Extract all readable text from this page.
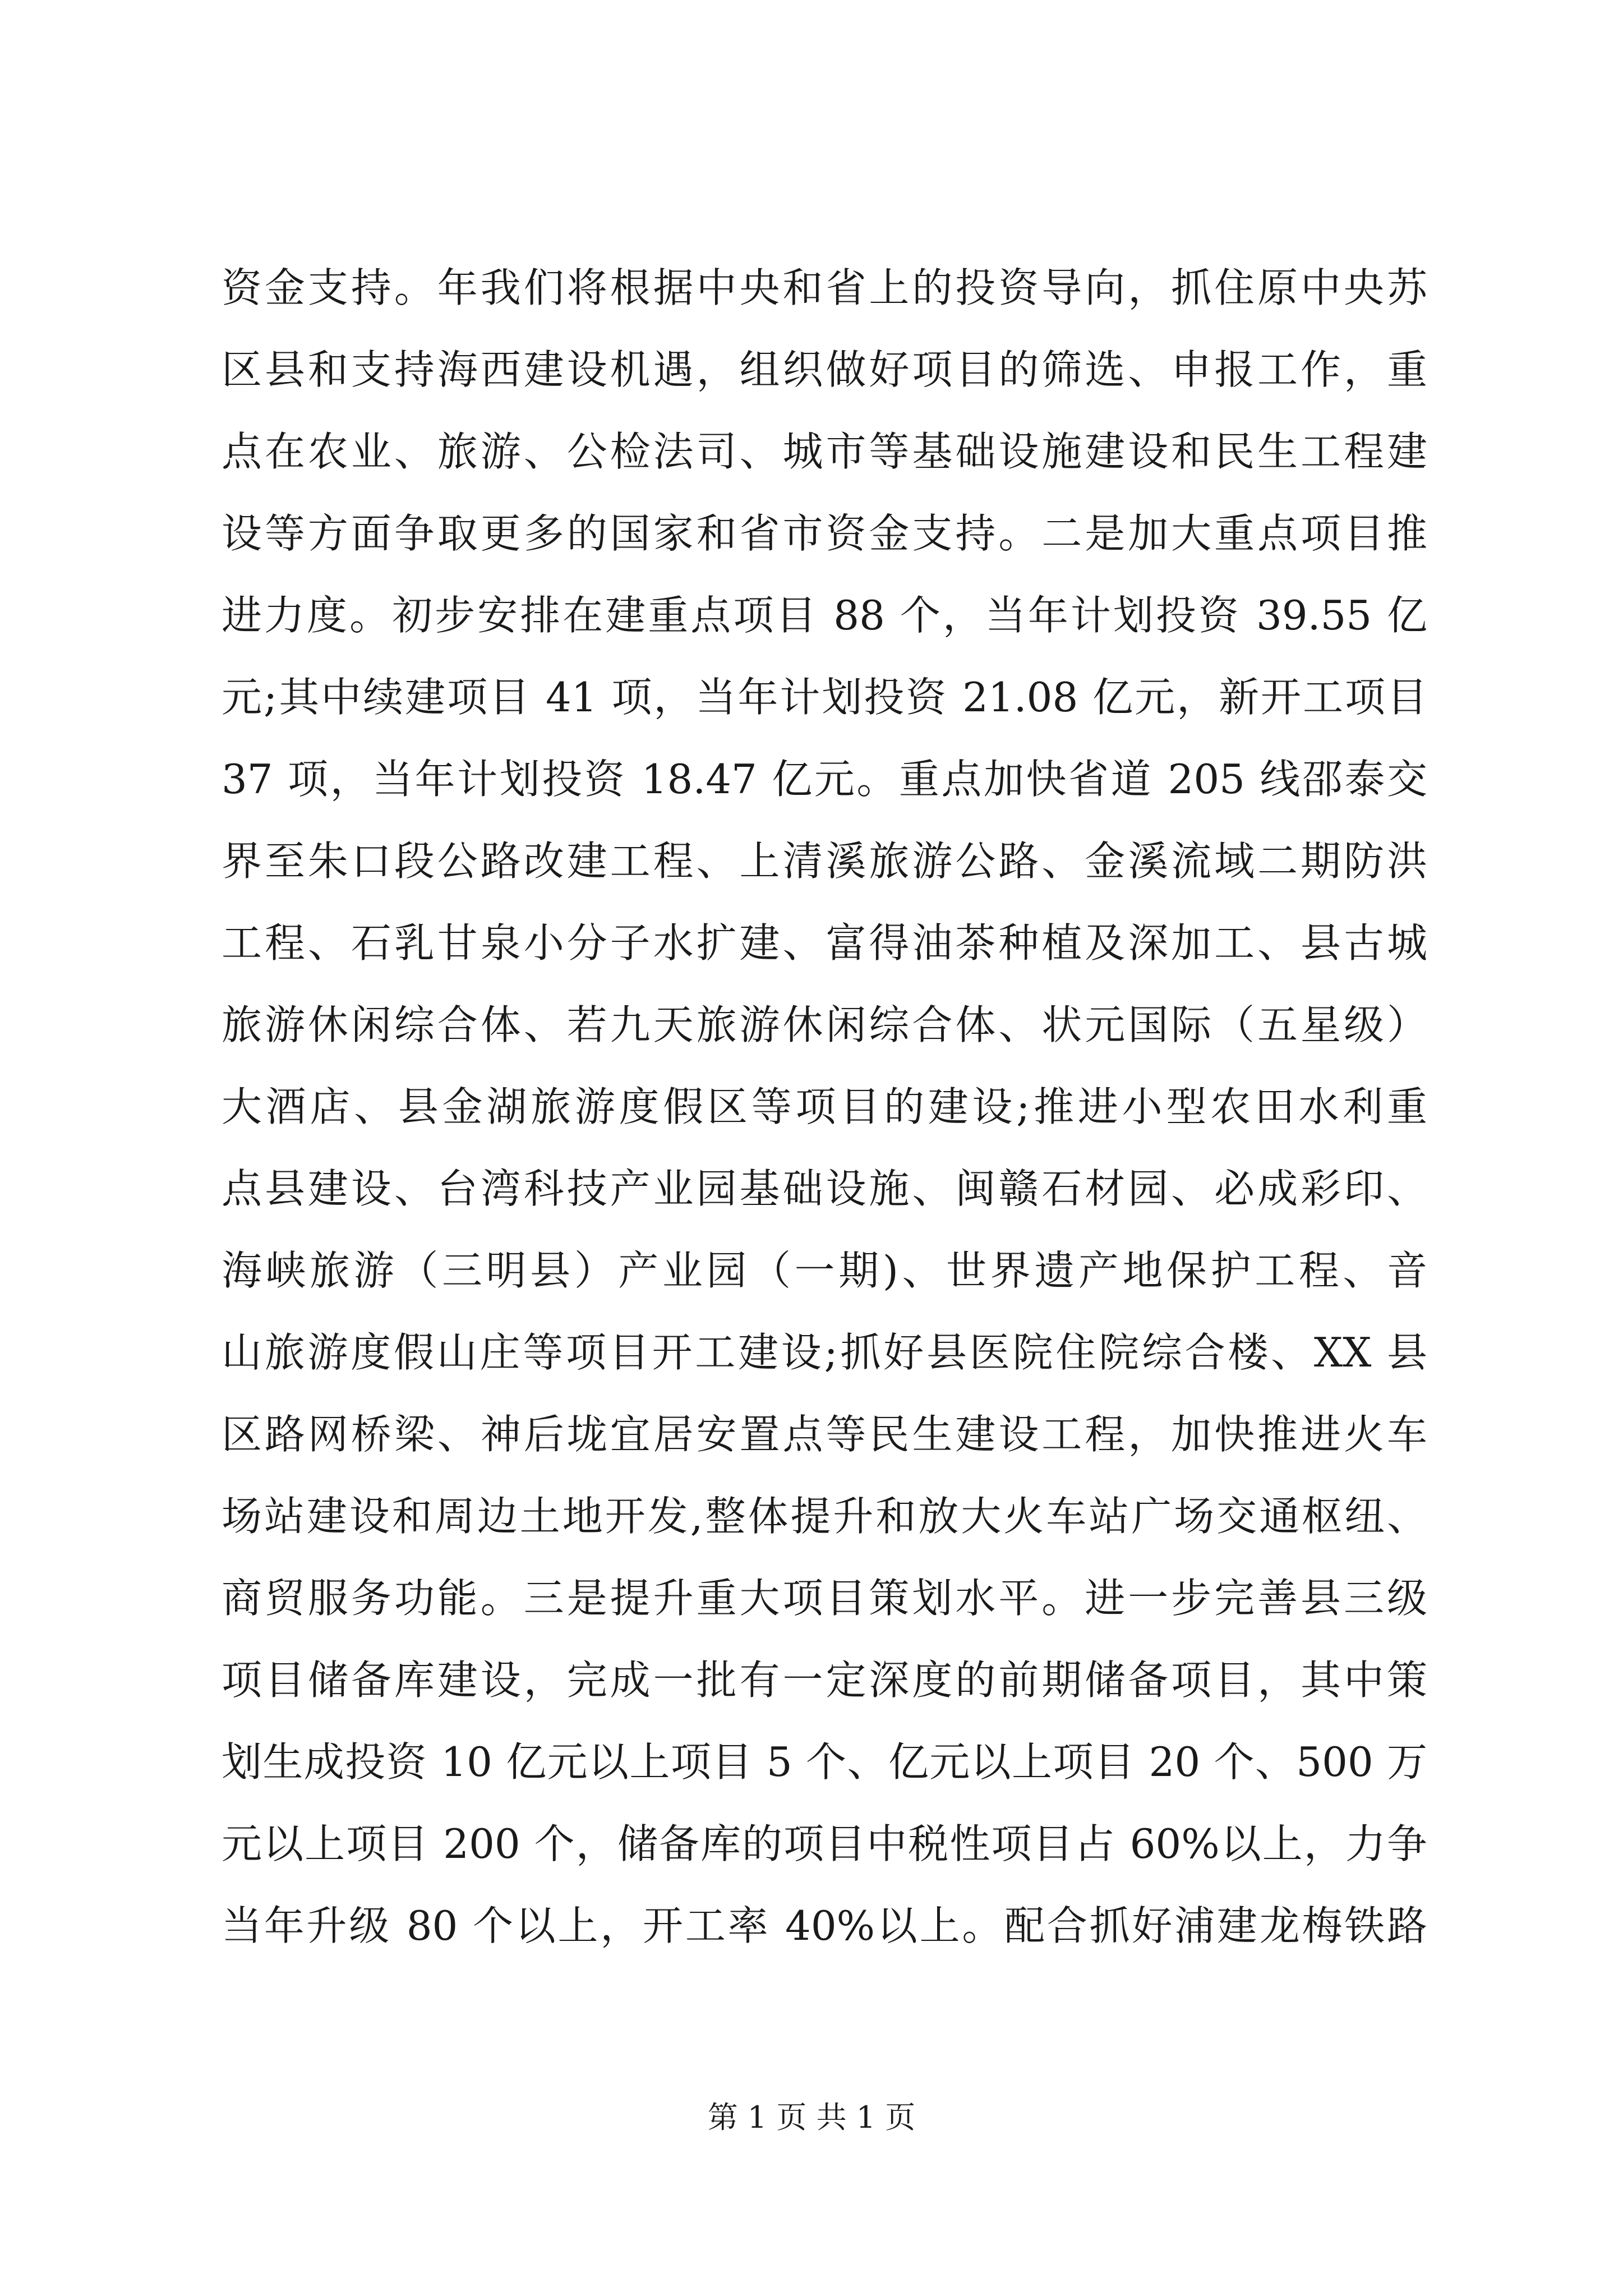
资金支持。年我们将根据中央和省上的投资导向，抓住原中央苏
区县和支持海西建设机遇，组织做好项目的筛选、申报工作，重
点在农业、旅游、公检法司、城市等基础设施建设和民生工程建
设等方面争取更多的国家和省市资金支持。二是加大重点项目推
进力度。初步安排在建重点项目 88 个，当年计划投资 39.55 亿
元;其中续建项目 41 项，当年计划投资 21.08 亿元，新开工项目
37 项，当年计划投资 18.47 亿元。重点加快省道 205 线邵泰交
界至朱口段公路改建工程、上清溪旅游公路、金溪流域二期防洪
工程、石乳甘泉小分子水扩建、富得油茶种植及深加工、县古城
旅游休闲综合体、若九天旅游休闲综合体、状元国际（五星级）
大酒店、县金湖旅游度假区等项目的建设;推进小型农田水利重
点县建设、台湾科技产业园基础设施、闽赣石材园、必成彩印、
海峡旅游（三明县）产业园（一期)、世界遗产地保护工程、音
山旅游度假山庄等项目开工建设;抓好县医院住院综合楼、XX 县
区路网桥梁、神后垅宜居安置点等民生建设工程，加快推进火车
场站建设和周边土地开发,整体提升和放大火车站广场交通枢纽、
商贸服务功能。三是提升重大项目策划水平。进一步完善县三级
项目储备库建设，完成一批有一定深度的前期储备项目，其中策
划生成投资 10 亿元以上项目 5 个、亿元以上项目 20 个、500 万
元以上项目 200 个，储备库的项目中税性项目占 60%以上，力争
当年升级 80 个以上，开工率 40%以上。配合抓好浦建龙梅铁路
第 1 页 共 1 页
